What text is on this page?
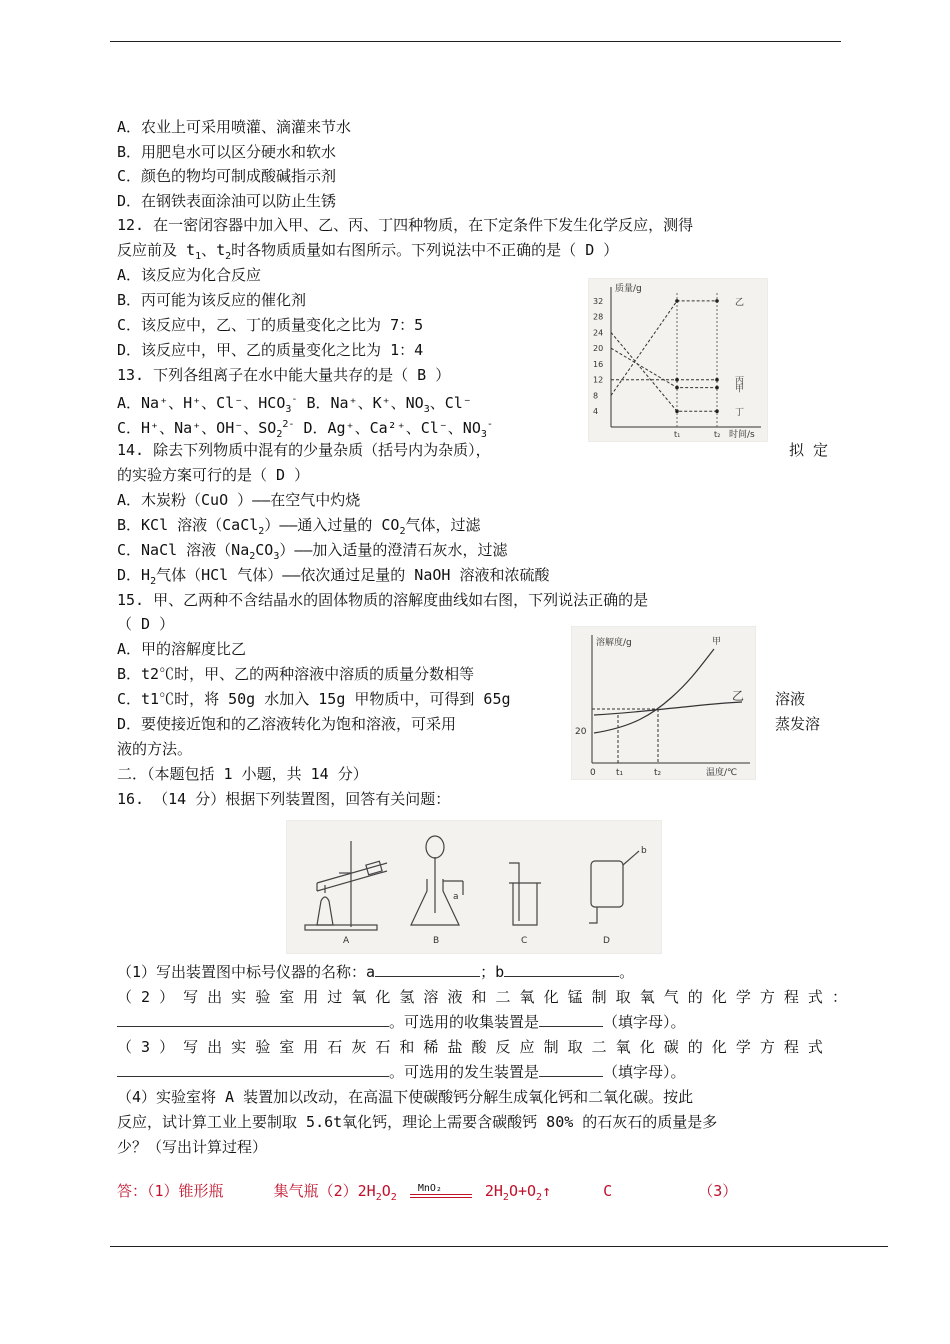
A．农业上可采用喷灌、滴灌来节水
B．用肥皂水可以区分硬水和软水
C．颜色的物均可制成酸碱指示剂
D．在钢铁表面涂油可以防止生锈
12. 在一密闭容器中加入甲、乙、丙、丁四种物质，在下定条件下发生化学反应，测得
反应前及 $t_1$、$t_2$时各物质质量如右图所示。下列说法中不正确的是（ D ）
A．该反应为化合反应
B．丙可能为该反应的催化剂
C．该反应中，乙、丁的质量变化之比为 7：5
D．该反应中，甲、乙的质量变化之比为 1：4
13. 下列各组离子在水中能大量共存的是（ B ）
A．Na⁺、H⁺、Cl⁻、$HCO_3^-$ B．Na⁺、K⁺、$NO_3$、Cl⁻
C．H⁺、Na⁺、OH⁻、$SO_2^{2-}$ D．Ag⁺、Ca²⁺、Cl⁻、$NO_3^-$
14. 除去下列物质中混有的少量杂质（括号内为杂质），	拟 定
的实验方案可行的是（ D ）
A．木炭粉（CuO ）——在空气中灼烧
B．KCl 溶液（CaCl$_2$）——通入过量的 $CO_2$气体，过滤
C．NaCl 溶液$(Na_2CO_3)——$加入适量的澄清石灰水，过滤
D．$H_2$气体（HCl 气体）——依次通过足量的 NaOH 溶液和浓硫酸
15. 甲、乙两种不含结晶水的固体物质的溶解度曲线如右图，下列说法正确的是
（ D ）
A．甲的溶解度比乙
B．t2℃时，甲、乙的两种溶液中溶质的质量分数相等
C．t1℃时，将 50g 水加入 15g 甲物质中，可得到 65g	溶液
D．要使接近饱和的乙溶液转化为饱和溶液，可采用	蒸发溶
液的方法。
二．（本题包括 1 小题，共 14 分）
16. （14 分）根据下列装置图，回答有关问题：
（1）写出装置图中标号仪器的名称：a	；b	。
（ 2 ） 写 出 实 验 室 用 过 氧 化 氢 溶 液 和 二 氧 化 锰 制 取 氧 气 的 化 学 方 程 式 ：
。可选用的收集装置是	（填字母）。
（ 3 ） 写 出 实 验 室 用 石 灰 石 和 稀 盐 酸 反 应 制 取 二 氧 化 碳 的 化 学 方 程 式
。可选用的发生装置是	（填字母）。
（4）实验室将 A 装置加以改动，在高温下使碳酸钙分解生成氧化钙和二氧化碳。按此
反应，试计算工业上要制取 5.6t氧化钙，理论上需要含碳酸钙 80% 的石灰石的质量是多
少？（写出计算过程）
答：（1）锥形瓶	集气瓶$(2)2H_2O_2$
MnO₂	$2H_2O+O_2↑$	C	（3）
质量/g
时间/s
32
28
24
20
16
12
8
4
t₁	t₂
乙
丙
甲
丁
溶解度/g
温度/℃
20
0 t₁	t₂
甲
乙
A
a
B	C
b
D
